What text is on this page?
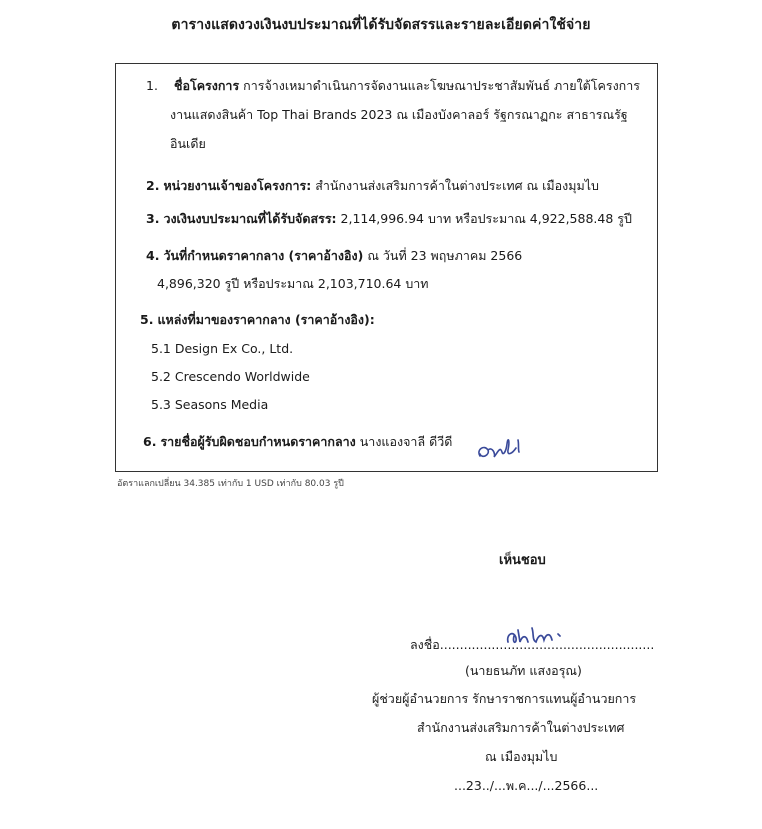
ตารางแสดงวงเงินงบประมาณที่ได้รับจัดสรรและรายละเอียดค่าใช้จ่าย
1. ชื่อโครงการ การจ้างเหมาดำเนินการจัดงานและโฆษณาประชาสัมพันธ์ ภายใต้โครงการ
งานแสดงสินค้า Top Thai Brands 2023 ณ เมืองบังคาลอร์ รัฐกรณาฏกะ สาธารณรัฐ
อินเดีย
2. หน่วยงานเจ้าของโครงการ: สำนักงานส่งเสริมการค้าในต่างประเทศ ณ เมืองมุมไบ
3. วงเงินงบประมาณที่ได้รับจัดสรร: 2,114,996.94 บาท หรือประมาณ 4,922,588.48 รูปี
4. วันที่กำหนดราคากลาง (ราคาอ้างอิง) ณ วันที่ 23 พฤษภาคม 2566
4,896,320 รูปี หรือประมาณ 2,103,710.64 บาท
5. แหล่งที่มาของราคากลาง (ราคาอ้างอิง):
5.1 Design Ex Co., Ltd.
5.2 Crescendo Worldwide
5.3 Seasons Media
6. รายชื่อผู้รับผิดชอบกำหนดราคากลาง นางแองจาลี ดีวีดี
อัตราแลกเปลี่ยน 34.385 เท่ากับ 1 USD เท่ากับ 80.03 รูปี
เห็นชอบ
ลงชื่อ......................................................
(นายธนภัท แสงอรุณ)
ผู้ช่วยผู้อำนวยการ รักษาราชการแทนผู้อำนวยการ
สำนักงานส่งเสริมการค้าในต่างประเทศ
ณ เมืองมุมไบ
...23../...พ.ค.../...2566...
